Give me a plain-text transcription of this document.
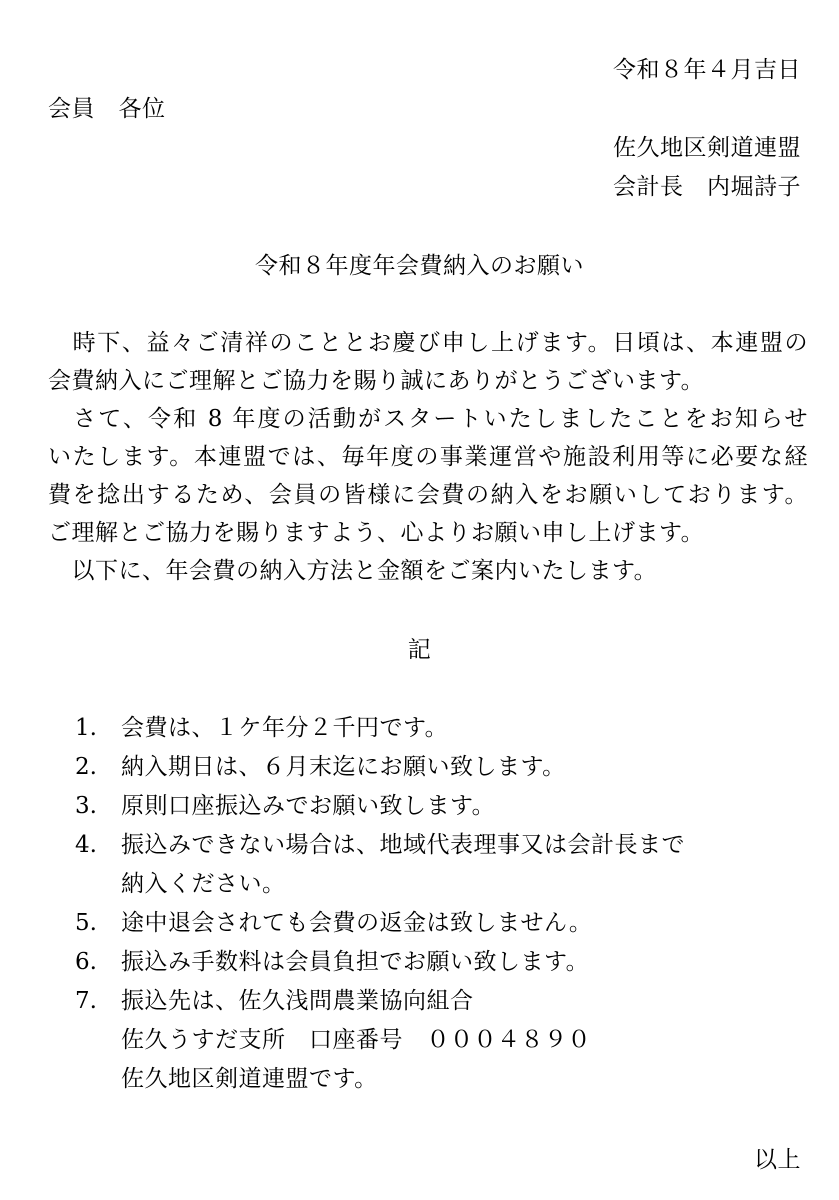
令和８年４月吉日
会員　各位
佐久地区剣道連盟
会計長　内堀詩子
令和８年度年会費納入のお願い
　時下、益々ご清祥のこととお慶び申し上げます。日頃は、本連盟の
会費納入にご理解とご協力を賜り誠にありがとうございます。
　さて、令和 8 年度の活動がスタートいたしましたことをお知らせ
いたします。本連盟では、毎年度の事業運営や施設利用等に必要な経
費を捻出するため、会員の皆様に会費の納入をお願いしております。
ご理解とご協力を賜りますよう、心よりお願い申し上げます。
　以下に、年会費の納入方法と金額をご案内いたします。
記
1. 会費は、１ケ年分２千円です。
2. 納入期日は、６月末迄にお願い致します。
3. 原則口座振込みでお願い致します。
4. 振込みできない場合は、地域代表理事又は会計長まで
納入ください。
5. 途中退会されても会費の返金は致しません。
6. 振込み手数料は会員負担でお願い致します。
7. 振込先は、佐久浅問農業協向組合
佐久うすだ支所　口座番号　０００４８９０
佐久地区剣道連盟です。
以上
